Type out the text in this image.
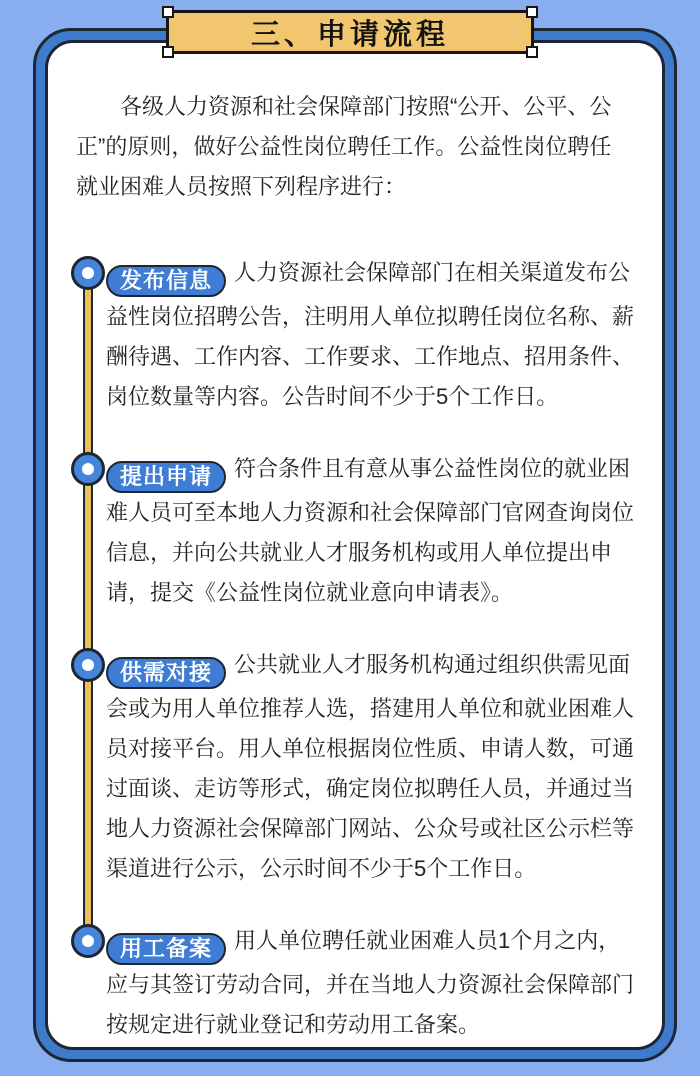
各级人力资源和社会保障部门按照“公开、公平、公正”的原则，做好公益性岗位聘任工作。公益性岗位聘任就业困难人员按照下列程序进行：

发布信息 人力资源社会保障部门在相关渠道发布公益性岗位招聘公告，注明用人单位拟聘任岗位名称、薪酬待遇、工作内容、工作要求、工作地点、招用条件、岗位数量等内容。公告时间不少于5个工作日。

提出申请 符合条件且有意从事公益性岗位的就业困难人员可至本地人力资源和社会保障部门官网查询岗位信息，并向公共就业人才服务机构或用人单位提出申请，提交《公益性岗位就业意向申请表》。

供需对接 公共就业人才服务机构通过组织供需见面会或为用人单位推荐人选，搭建用人单位和就业困难人员对接平台。用人单位根据岗位性质、申请人数，可通过面谈、走访等形式，确定岗位拟聘任人员，并通过当地人力资源社会保障部门网站、公众号或社区公示栏等渠道进行公示，公示时间不少于5个工作日。

用工备案 用人单位聘任就业困难人员1个月之内，应与其签订劳动合同，并在当地人力资源社会保障部门按规定进行就业登记和劳动用工备案。

三、申请流程
